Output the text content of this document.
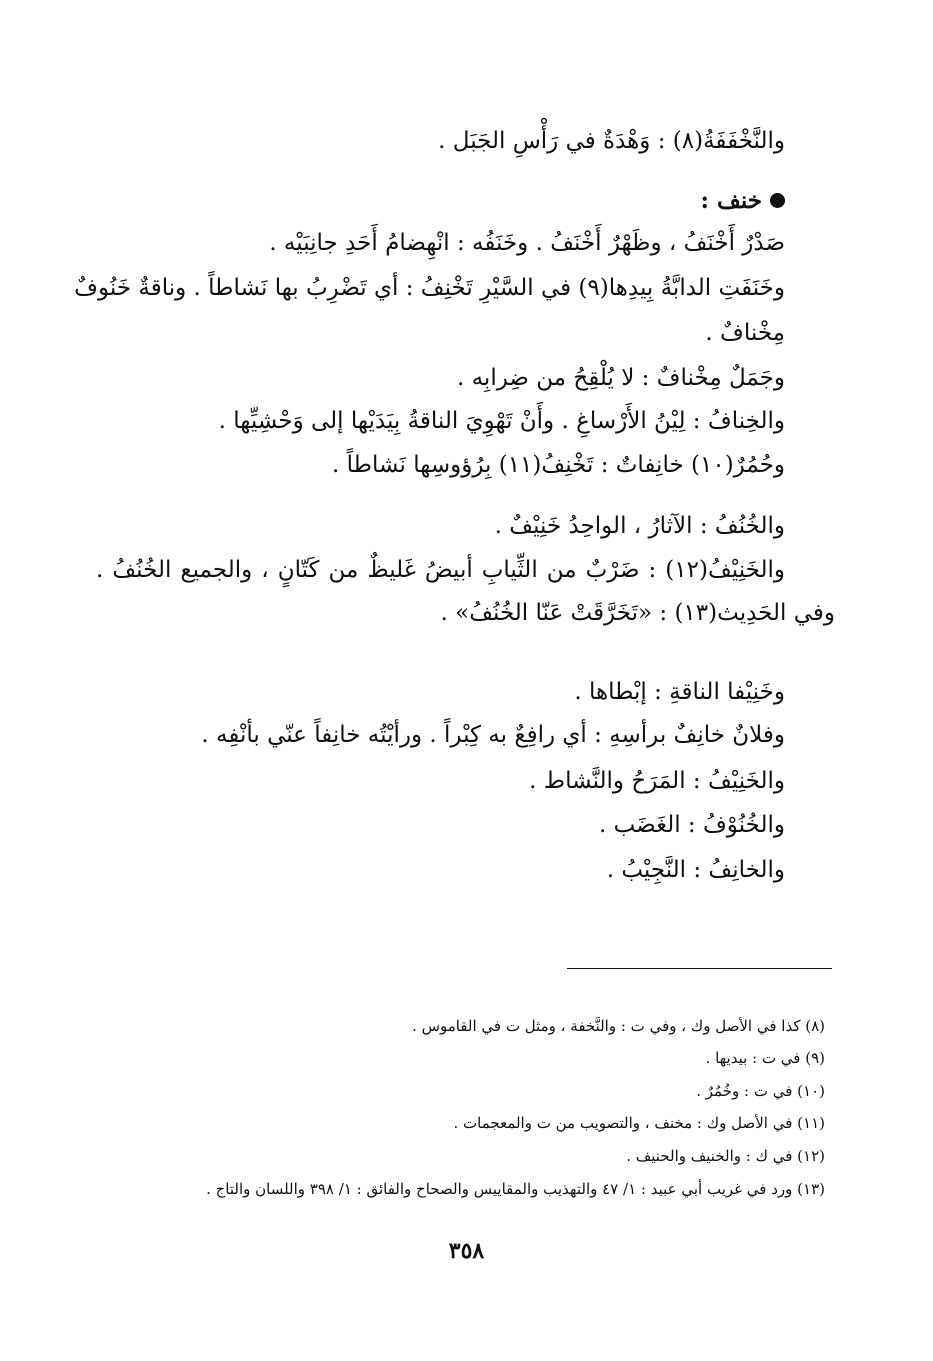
والنَّخْفَفَةُ(٨) : وَهْدَةٌ في رَأْسِ الجَبَل .
خنف :
صَدْرٌ أَخْنَفُ ، وظَهْرٌ أَخْنَفُ . وخَنَفُه : انْهِضامُ أَحَدِ جانِبَيْه .
وخَنَفَتِ الدابَّةُ بِيدِها(٩) في السَّيْرِ تَخْنِفُ : أي تَضْرِبُ بها نَشاطاً . وناقةٌ خَنُوفٌ
مِخْنافٌ .
وجَمَلٌ مِخْنافٌ : لا يُلْقِحُ من ضِرابِه .
والخِنافُ : لِيْنُ الأَرْساغِ . وأَنْ تَهْوِيَ الناقةُ بِيَدَيْها إلى وَحْشِيِّها .
وحُمُرٌ(١٠) خانِفاتٌ : تَخْنِفُ(١١) بِرُؤوسِها نَشاطاً .
والخُنُفُ : الآثارُ ، الواحِدُ خَنِيْفٌ .
والخَنِيْفُ(١٢) : ضَرْبٌ من الثِّيابِ أبيضُ غَليظٌ من كَتّانٍ ، والجميع الخُنُفُ .
وفي الحَدِيث(١٣) : «تَخَرَّقَتْ عَنّا الخُنُفُ» .
وخَنِيْفا الناقةِ : إبْطاها .
وفلانٌ خانِفٌ برأسِهِ : أي رافِعٌ به كِبْراً . ورأيْتُه خانِفاً عنّي بأنْفِه .
والخَنِيْفُ : المَرَحُ والنَّشاط .
والخُنُوْفُ : الغَضَب .
والخانِفُ : النَّجِيْبُ .
(٨) كذا في الأصل وك ، وفي ت : والنَّخفة ، ومثل ت في القاموس .
(٩) في ت : بيديها .
(١٠) في ت : وخُمُرٌ .
(١١) في الأصل وك : مخنف ، والتصويب من ت والمعجمات .
(١٢) في ك : والخنيف والحنيف .
(١٣) ورد في غريب أبي عبيد : ١/ ٤٧ والتهذيب والمقاييس والصحاح والفائق : ١/ ٣٩٨ واللسان والتاج .
٣٥٨
